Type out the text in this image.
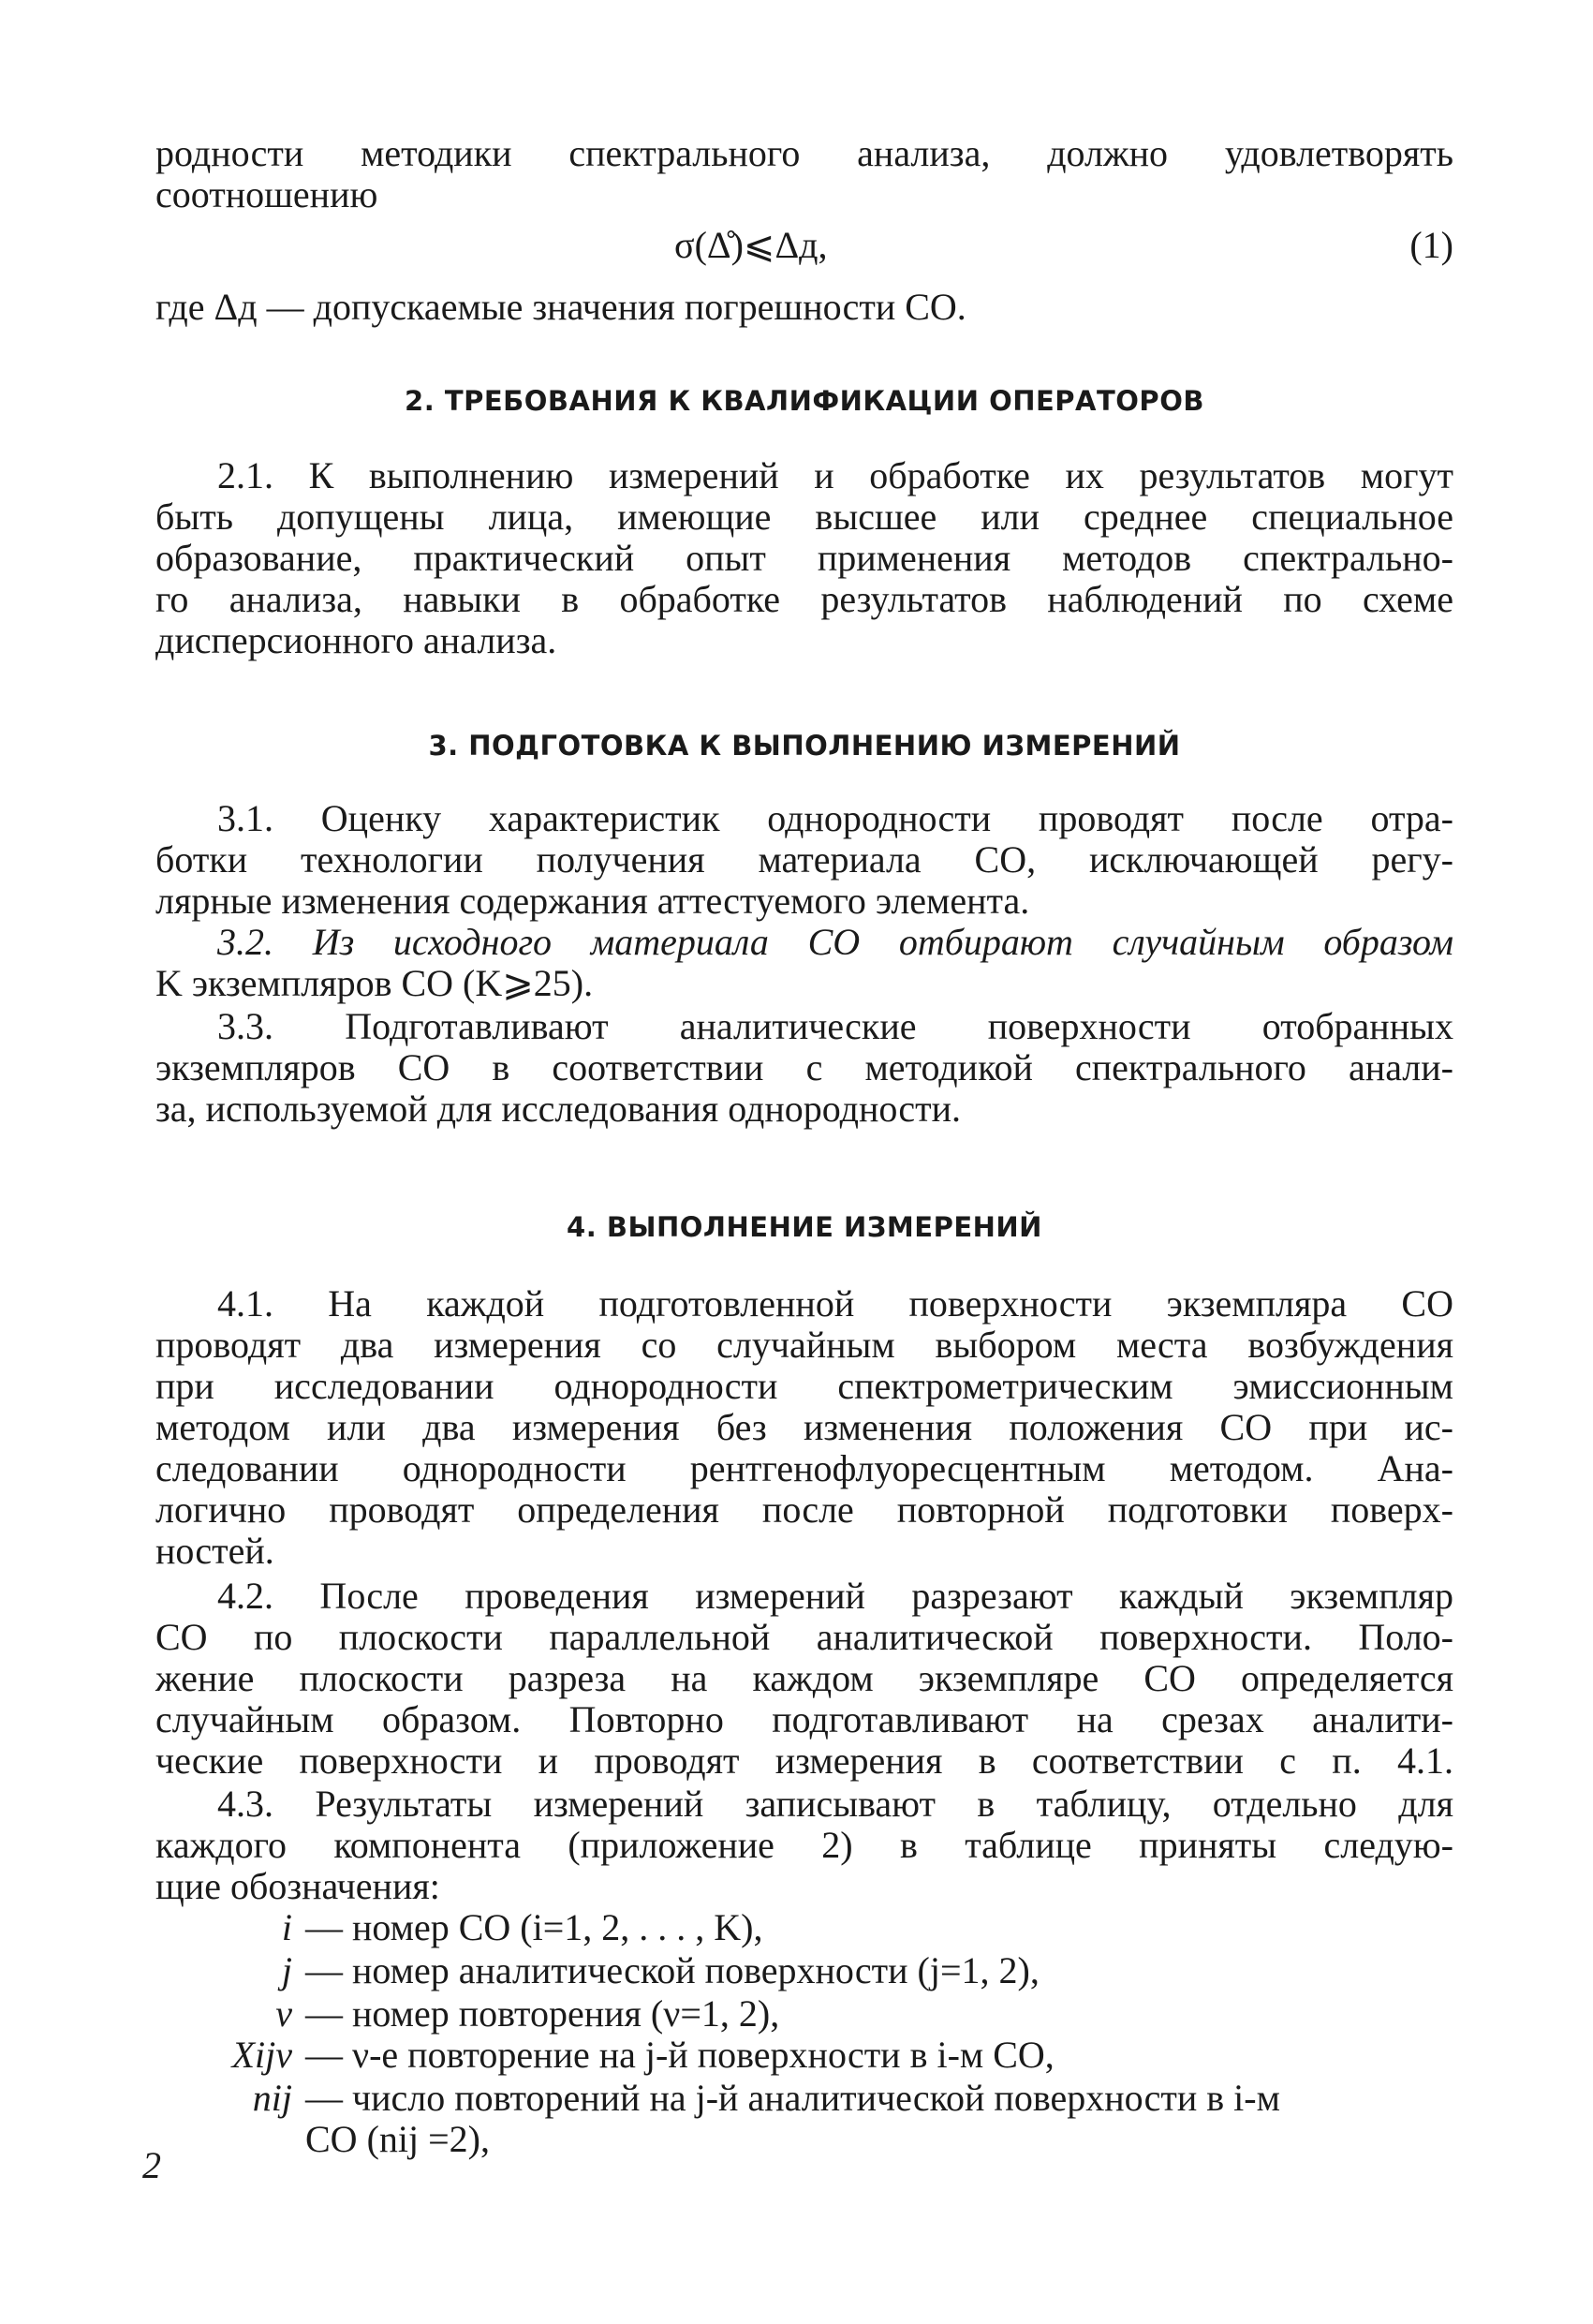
родности методики спектрального анализа, должно удовлетворять
соотношению
σ(Δ̊)⩽Δд,	(1)
где Δд — допускаемые значения погрешности СО.
2. ТРЕБОВАНИЯ К КВАЛИФИКАЦИИ ОПЕРАТОРОВ
2.1. К выполнению измерений и обработке их результатов могут
быть допущены лица, имеющие высшее или среднее специальное
образование, практический опыт применения методов спектрально-
го анализа, навыки в обработке результатов наблюдений по схеме
дисперсионного анализа.
3. ПОДГОТОВКА К ВЫПОЛНЕНИЮ ИЗМЕРЕНИЙ
3.1. Оценку характеристик однородности проводят после отра-
ботки технологии получения материала СО, исключающей регу-
лярные изменения содержания аттестуемого элемента.
3.2. Из исходного материала СО отбирают случайным образом
K экземпляров СО (K⩾25).
3.3. Подготавливают аналитические поверхности отобранных
экземпляров СО в соответствии с методикой спектрального анали-
за, используемой для исследования однородности.
4. ВЫПОЛНЕНИЕ ИЗМЕРЕНИЙ
4.1. На каждой подготовленной поверхности экземпляра СО
проводят два измерения со случайным выбором места возбуждения
при исследовании однородности спектрометрическим эмиссионным
методом или два измерения без изменения положения СО при ис-
следовании однородности рентгенофлуоресцентным методом. Ана-
логично проводят определения после повторной подготовки поверх-
ностей.
4.2. После проведения измерений разрезают каждый экземпляр
СО по плоскости параллельной аналитической поверхности. Поло-
жение плоскости разреза на каждом экземпляре СО определяется
случайным образом. Повторно подготавливают на срезах аналити-
ческие поверхности и проводят измерения в соответствии с п. 4.1.
4.3. Результаты измерений записывают в таблицу, отдельно для
каждого компонента (приложение 2) в таблице приняты следую-
щие обозначения:
i — номер СО (i=1, 2, . . . , K),
j — номер аналитической поверхности (j=1, 2),
ν — номер повторения (ν=1, 2),
Xijν — ν-е повторение на j-й поверхности в i-м СО,
nij — число повторений на j-й аналитической поверхности в i-м
СО (nij =2),
2
